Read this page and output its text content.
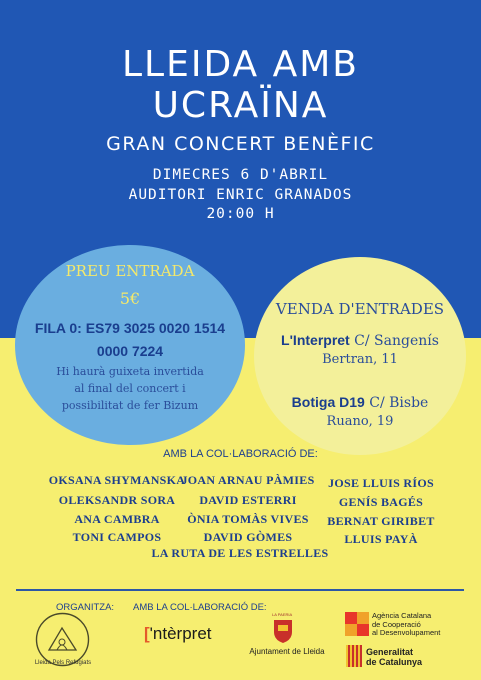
LLEIDA AMB
UCRAÏNA
GRAN CONCERT BENÈFIC
DIMECRES 6 D'ABRIL
AUDITORI ENRIC GRANADOS
20:00 H
PREU ENTRADA
5€
FILA 0: ES79 3025 0020 1514
0000 7224
Hi haurà guixeta invertida al final del concert i possibilitat de fer Bizum
VENDA D'ENTRADES
L'Interpret C/ Sangenís
Bertran, 11
Botiga D19 C/ Bisbe
Ruano, 19
AMB LA COL·LABORACIÓ DE:
OKSANA SHYMANSKA
OLEKSANDR SORA
ANA CAMBRA
TONI CAMPOS
JOAN ARNAU PÀMIES
DAVID ESTERRI
ÒNIA TOMÀS VIVES
DAVID GÒMES
JOSE LLUIS RÍOS
GENÍS BAGÉS
BERNAT GIRIBET
LLUIS PAYÀ
LA RUTA DE LES ESTRELLES
ORGANITZA: AMB LA COL·LABORACIÓ DE:
Lleida Pels Refugiats
['ntèrpret
LA PAERIA
Ajuntament de Lleida
Agència Catalana
de Cooperació
al Desenvolupament
Generalitat
de Catalunya
